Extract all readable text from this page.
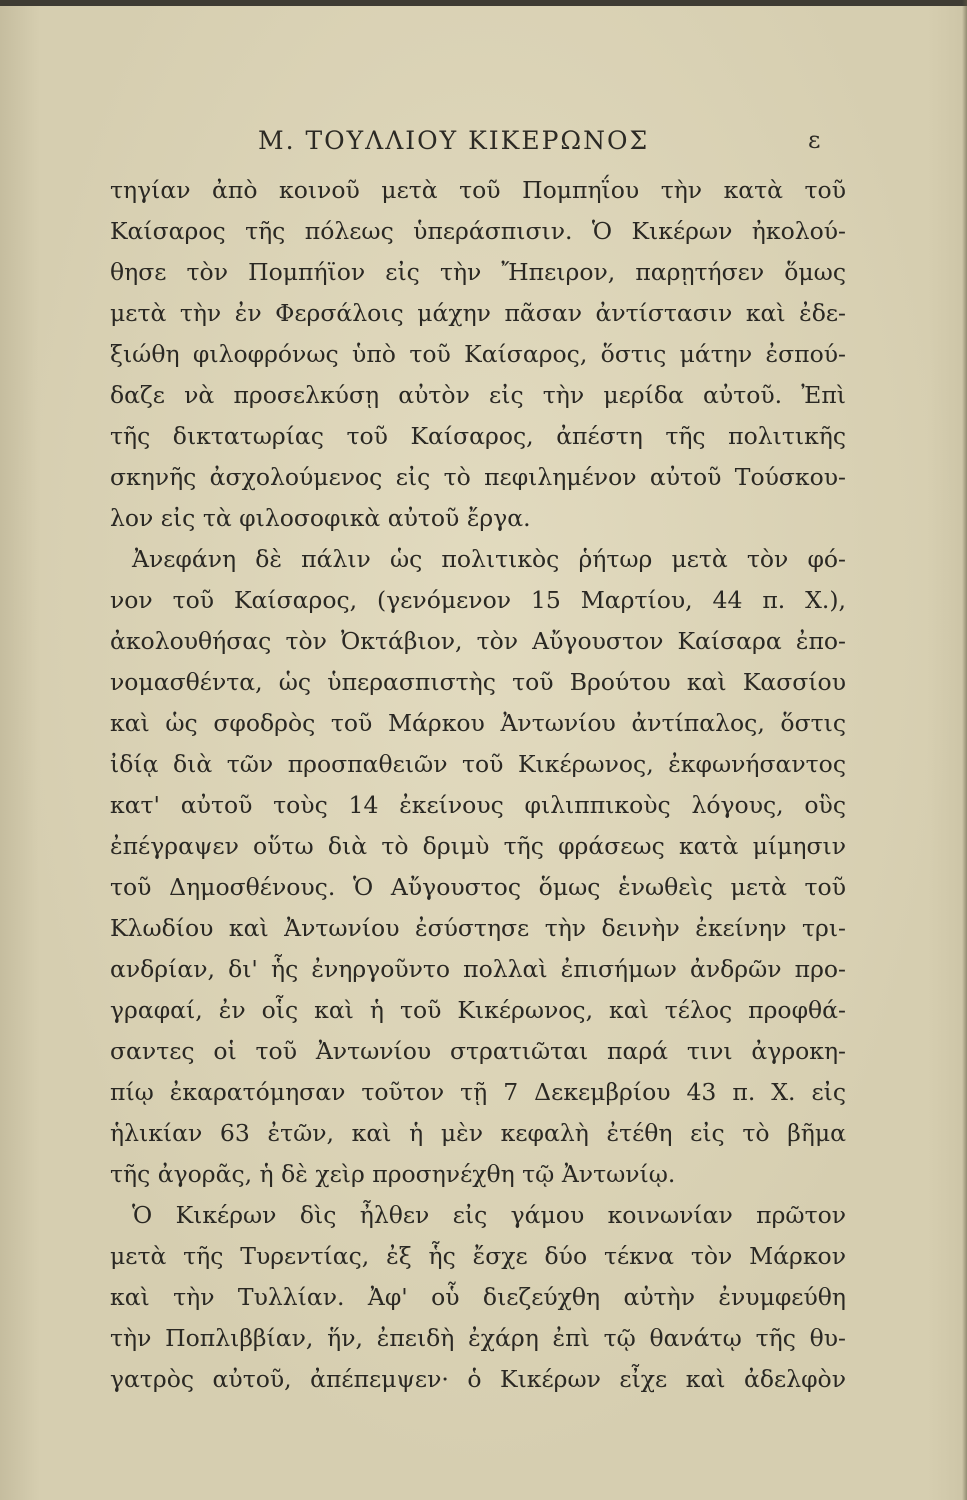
Μ. ΤΟΥΛΛΙΟΥ ΚΙΚΕΡΩΝΟΣ	ε
τηγίαν ἀπὸ κοινοῦ μετὰ τοῦ Πομπηΐου τὴν κατὰ τοῦ
Καίσαρος τῆς πόλεως ὑπεράσπισιν. Ὁ Κικέρων ἠκολού-
θησε τὸν Πομπήϊον εἰς τὴν Ἤπειρον, παρῃτήσεν ὅμως
μετὰ τὴν ἐν Φερσάλοις μάχην πᾶσαν ἀντίστασιν καὶ ἐδε-
ξιώθη φιλοφρόνως ὑπὸ τοῦ Καίσαρος, ὅστις μάτην ἐσπού-
δαζε νὰ προσελκύσῃ αὐτὸν εἰς τὴν μερίδα αὐτοῦ. Ἐπὶ
τῆς δικτατωρίας τοῦ Καίσαρος, ἀπέστη τῆς πολιτικῆς
σκηνῆς ἀσχολούμενος εἰς τὸ πεφιλημένον αὐτοῦ Τούσκου-
λον εἰς τὰ φιλοσοφικὰ αὐτοῦ ἔργα.
Ἀνεφάνη δὲ πάλιν ὡς πολιτικὸς ῥήτωρ μετὰ τὸν φό-
νον τοῦ Καίσαρος, (γενόμενον 15 Μαρτίου, 44 π. Χ.),
ἀκολουθήσας τὸν Ὀκτάβιον, τὸν Αὔγουστον Καίσαρα ἐπο-
νομασθέντα, ὡς ὑπερασπιστὴς τοῦ Βρούτου καὶ Κασσίου
καὶ ὡς σφοδρὸς τοῦ Μάρκου Ἀντωνίου ἀντίπαλος, ὅστις
ἰδίᾳ διὰ τῶν προσπαθειῶν τοῦ Κικέρωνος, ἐκφωνήσαντος
κατ' αὐτοῦ τοὺς 14 ἐκείνους φιλιππικοὺς λόγους, οὓς
ἐπέγραψεν οὕτω διὰ τὸ δριμὺ τῆς φράσεως κατὰ μίμησιν
τοῦ Δημοσθένους. Ὁ Αὔγουστος ὅμως ἑνωθεὶς μετὰ τοῦ
Κλωδίου καὶ Ἀντωνίου ἐσύστησε τὴν δεινὴν ἐκείνην τρι-
ανδρίαν, δι' ἧς ἐνηργοῦντο πολλαὶ ἐπισήμων ἀνδρῶν προ-
γραφαί, ἐν οἷς καὶ ἡ τοῦ Κικέρωνος, καὶ τέλος προφθά-
σαντες οἱ τοῦ Ἀντωνίου στρατιῶται παρά τινι ἀγροκη-
πίῳ ἐκαρατόμησαν τοῦτον τῇ 7 Δεκεμβρίου 43 π. Χ. εἰς
ἡλικίαν 63 ἐτῶν, καὶ ἡ μὲν κεφαλὴ ἐτέθη εἰς τὸ βῆμα
τῆς ἀγορᾶς, ἡ δὲ χεὶρ προσηνέχθη τῷ Ἀντωνίῳ.
Ὁ Κικέρων δὶς ἦλθεν εἰς γάμου κοινωνίαν πρῶτον
μετὰ τῆς Τυρεντίας, ἐξ ἧς ἔσχε δύο τέκνα τὸν Μάρκον
καὶ τὴν Τυλλίαν. Ἀφ' οὗ διεζεύχθη αὐτὴν ἐνυμφεύθη
τὴν Ποπλιββίαν, ἥν, ἐπειδὴ ἐχάρη ἐπὶ τῷ θανάτῳ τῆς θυ-
γατρὸς αὐτοῦ, ἀπέπεμψεν· ὁ Κικέρων εἶχε καὶ ἀδελφὸν
